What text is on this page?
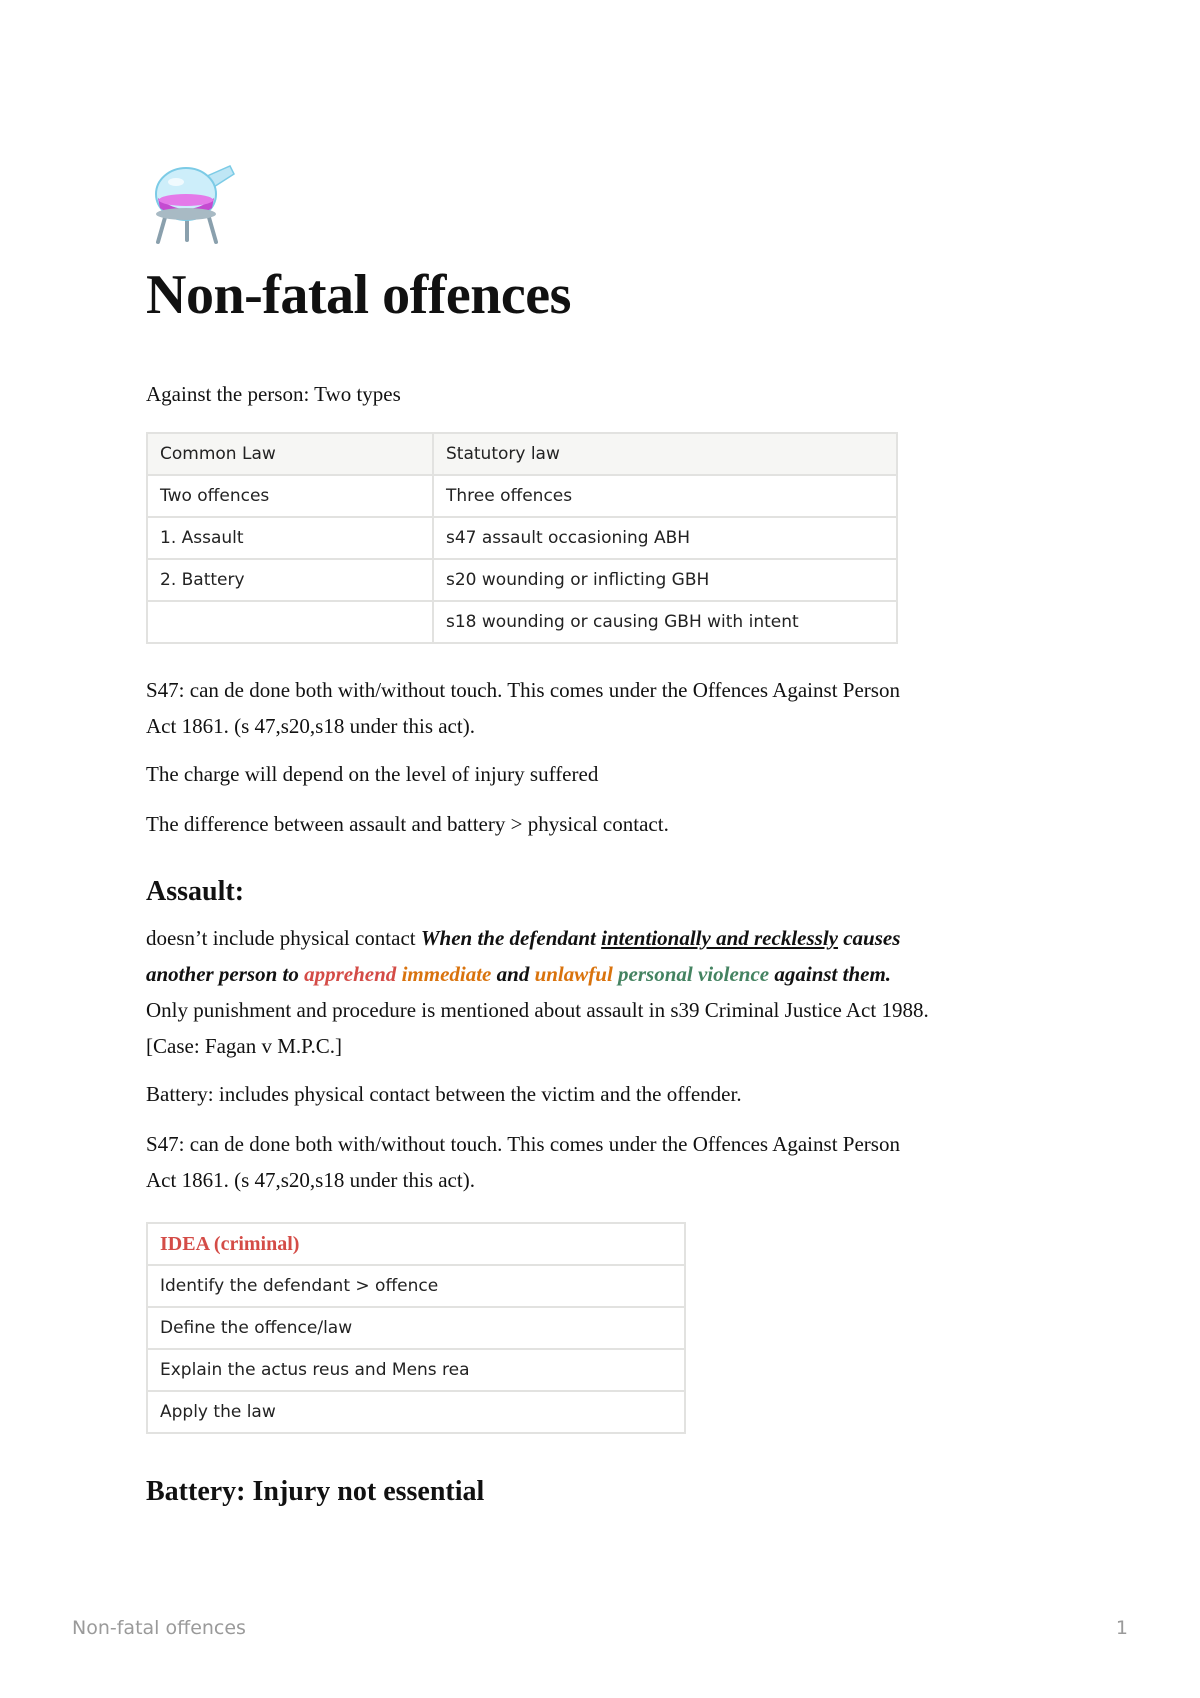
Non-fatal offences

Against the person: Two types

Common Law	Statutory law
Two offences	Three offences
1. Assault	s47 assault occasioning ABH
2. Battery	s20 wounding or inflicting GBH
	s18 wounding or causing GBH with intent

S47: can de done both with/without touch. This comes under the Offences Against Person

Act 1861. (s 47,s20,s18 under this act).

The charge will depend on the level of injury suffered

The difference between assault and battery > physical contact.

Assault:

doesn’t include physical contact When the defendant intentionally and recklessly causes

another person to apprehend immediate and unlawful personal violence against them.

Only punishment and procedure is mentioned about assault in s39 Criminal Justice Act 1988.

[Case: Fagan v M.P.C.]

Battery: includes physical contact between the victim and the offender.

S47: can de done both with/without touch. This comes under the Offences Against Person

Act 1861. (s 47,s20,s18 under this act).

IDEA (criminal)
Identify the defendant > offence
Define the offence/law
Explain the actus reus and Mens rea
Apply the law
Battery: Injury not essential
Non-fatal offences	1
